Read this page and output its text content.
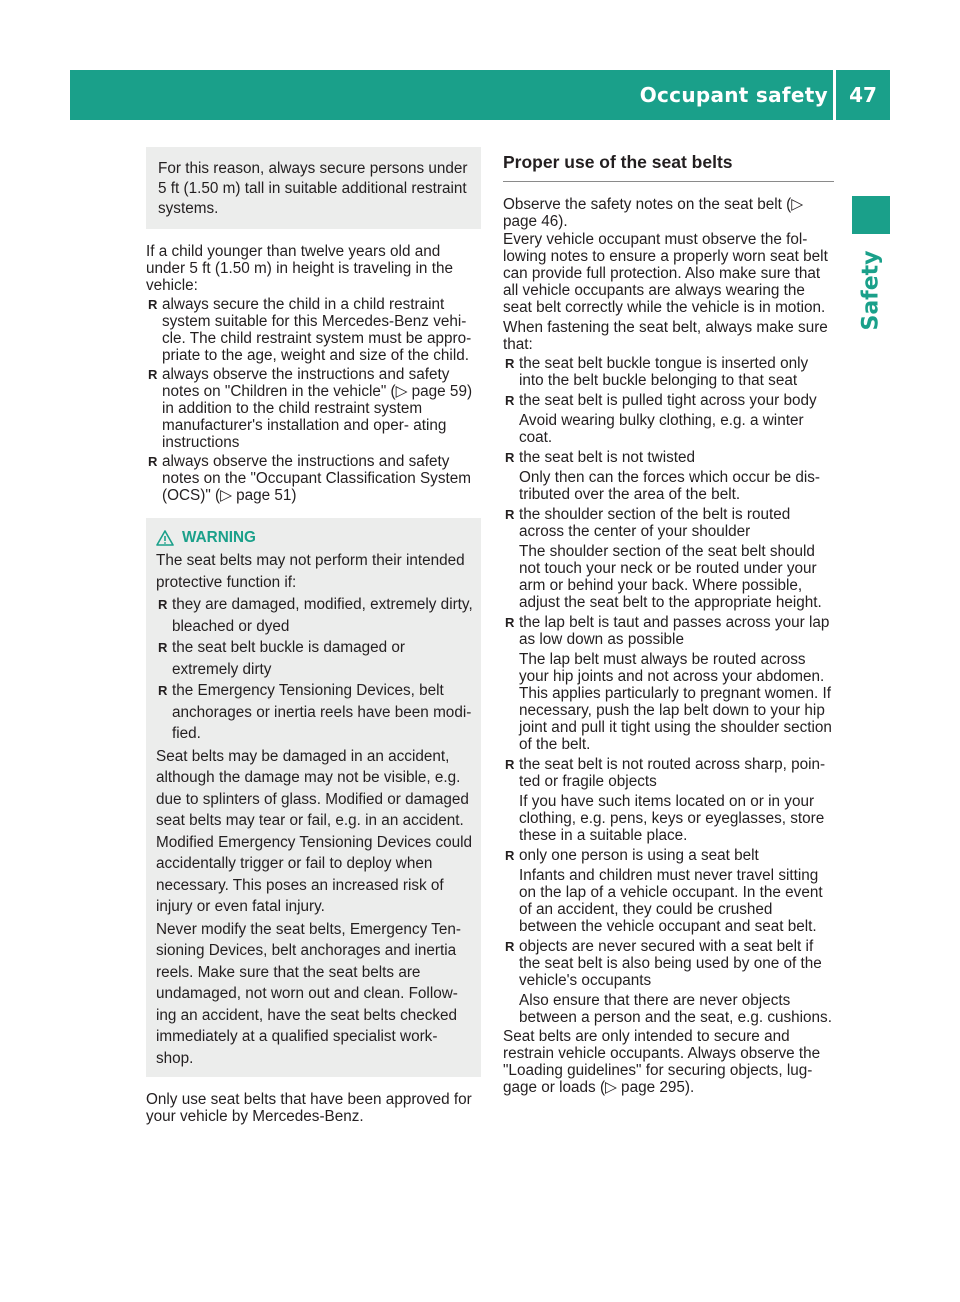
Occupant safety	47
Safety

For this reason, always secure persons under 5 ft (1.50 m) tall in suitable additional restraint systems.

If a child younger than twelve years old and under 5 ft (1.50 m) in height is traveling in the vehicle:

R always secure the child in a child restraint system suitable for this Mercedes-Benz vehi- cle. The child restraint system must be appro- priate to the age, weight and size of the child.
R always observe the instructions and safety notes on "Children in the vehicle" (▷ page 59) in addition to the child restraint system manufacturer's installation and oper- ating instructions
R always observe the instructions and safety notes on the "Occupant Classification System (OCS)" (▷ page 51)
WARNING

The seat belts may not perform their intended protective function if:

R they are damaged, modified, extremely dirty, bleached or dyed
R the seat belt buckle is damaged or extremely dirty
R the Emergency Tensioning Devices, belt anchorages or inertia reels have been modi- fied.

Seat belts may be damaged in an accident, although the damage may not be visible, e.g. due to splinters of glass. Modified or damaged seat belts may tear or fail, e.g. in an accident. Modified Emergency Tensioning Devices could accidentally trigger or fail to deploy when necessary. This poses an increased risk of injury or even fatal injury.

Never modify the seat belts, Emergency Ten- sioning Devices, belt anchorages and inertia reels. Make sure that the seat belts are undamaged, not worn out and clean. Follow- ing an accident, have the seat belts checked immediately at a qualified specialist work- shop.

Only use seat belts that have been approved for your vehicle by Mercedes-Benz.

Proper use of the seat belts

Observe the safety notes on the seat belt (▷ page 46).

Every vehicle occupant must observe the fol- lowing notes to ensure a properly worn seat belt can provide full protection. Also make sure that all vehicle occupants are always wearing the seat belt correctly while the vehicle is in motion.

When fastening the seat belt, always make sure that:

R the seat belt buckle tongue is inserted only into the belt buckle belonging to that seat
R the seat belt is pulled tight across your body
Avoid wearing bulky clothing, e.g. a winter coat.
R the seat belt is not twisted
Only then can the forces which occur be dis- tributed over the area of the belt.
R the shoulder section of the belt is routed across the center of your shoulder
The shoulder section of the seat belt should not touch your neck or be routed under your arm or behind your back. Where possible, adjust the seat belt to the appropriate height.
R the lap belt is taut and passes across your lap as low down as possible
The lap belt must always be routed across your hip joints and not across your abdomen. This applies particularly to pregnant women. If necessary, push the lap belt down to your hip joint and pull it tight using the shoulder section of the belt.
R the seat belt is not routed across sharp, poin- ted or fragile objects
If you have such items located on or in your clothing, e.g. pens, keys or eyeglasses, store these in a suitable place.
R only one person is using a seat belt
Infants and children must never travel sitting on the lap of a vehicle occupant. In the event of an accident, they could be crushed between the vehicle occupant and seat belt.
R objects are never secured with a seat belt if the seat belt is also being used by one of the vehicle's occupants
Also ensure that there are never objects between a person and the seat, e.g. cushions.

Seat belts are only intended to secure and restrain vehicle occupants. Always observe the "Loading guidelines" for securing objects, lug- gage or loads (▷ page 295).
